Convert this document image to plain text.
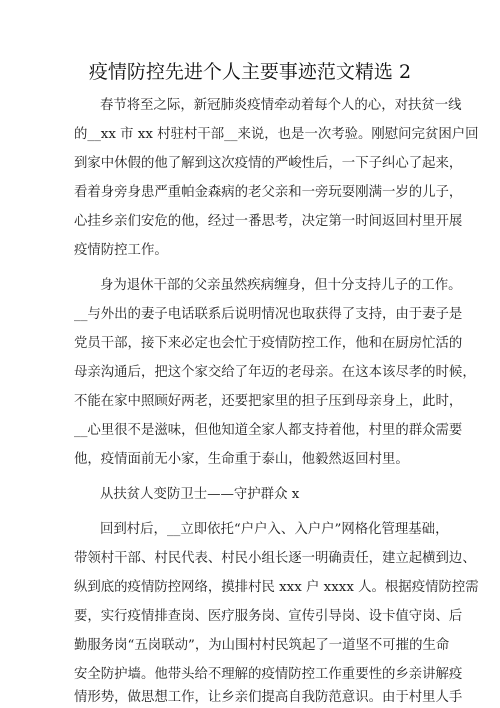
疫情防控先进个人主要事迹范文精选 2
春节将至之际，新冠肺炎疫情牵动着每个人的心，对扶贫一线
的__xx 市 xx 村驻村干部__来说，也是一次考验。刚慰问完贫困户回
到家中休假的他了解到这次疫情的严峻性后，一下子纠心了起来，
看着身旁身患严重帕金森病的老父亲和一旁玩耍刚满一岁的儿子，
心挂乡亲们安危的他，经过一番思考，决定第一时间返回村里开展
疫情防控工作。
身为退休干部的父亲虽然疾病缠身，但十分支持儿子的工作。
__与外出的妻子电话联系后说明情况也取获得了支持，由于妻子是
党员干部，接下来必定也会忙于疫情防控工作，他和在厨房忙活的
母亲沟通后，把这个家交给了年迈的老母亲。在这本该尽孝的时候，
不能在家中照顾好两老，还要把家里的担子压到母亲身上，此时，
__心里很不是滋味，但他知道全家人都支持着他，村里的群众需要
他，疫情面前无小家，生命重于泰山，他毅然返回村里。
从扶贫人变防卫士——守护群众 x
回到村后，__立即依托“户户入、入户户”网格化管理基础，
带领村干部、村民代表、村民小组长逐一明确责任，建立起横到边、
纵到底的疫情防控网络，摸排村民 xxx 户 xxxx 人。根据疫情防控需
要，实行疫情排查岗、医疗服务岗、宣传引导岗、设卡值守岗、后
勤服务岗“五岗联动”，为山围村村民筑起了一道坚不可摧的生命
安全防护墙。他带头给不理解的疫情防控工作重要性的乡亲讲解疫
情形势，做思想工作，让乡亲们提高自我防范意识。由于村里人手
